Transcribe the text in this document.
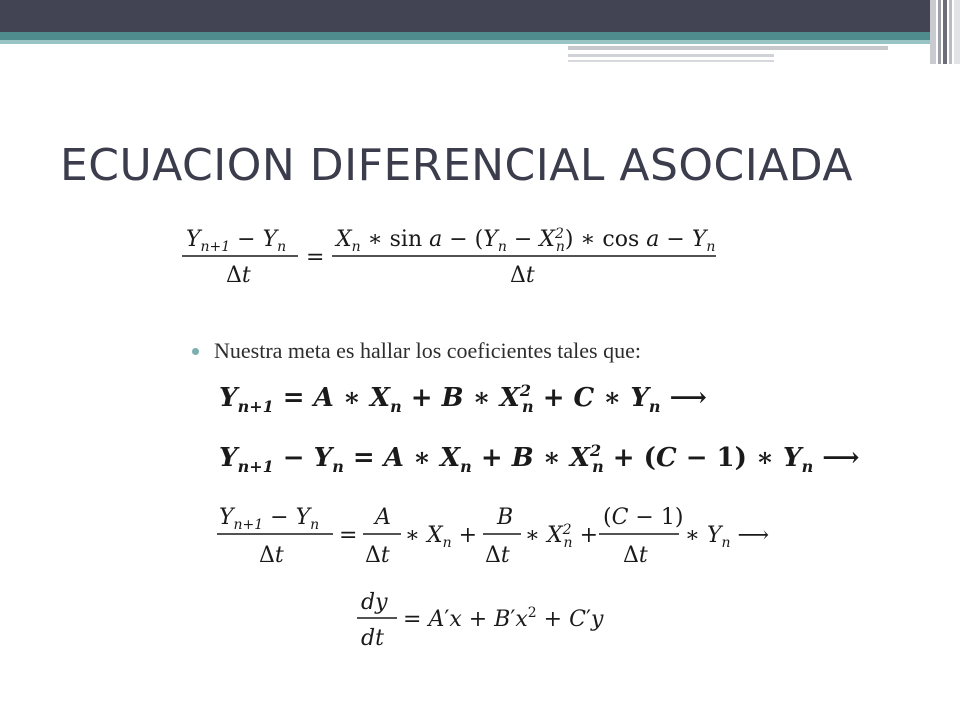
ECUACION DIFERENCIAL ASOCIADA
$Y_{n+1} - Y_n$
Δt
=
$X_n$ ∗ $\sin a - (Y_n - X^2$ n) ∗ $\cos a - Y_n$
Δt
Nuestra meta es hallar los coeficientes tales que:
$Y_{n+1} = A$ ∗ $X_n + B$ ∗ $X^2$ n + C ∗ $Y_n$ ⟶
$Y_{n+1} - Y_n = A$ ∗ $X_n + B$ ∗ $X^2$ n + (C − 1) ∗ $Y_n$ ⟶
$Y_{n+1} - Y_n$
Δt
=
A
Δt
∗ $X_n$ +
B
Δt
∗ $X^2$ n +
(C − 1)
Δt
∗ $Y_n$ ⟶
dy
dt
= $A'x + B'x^2 + C'y$
